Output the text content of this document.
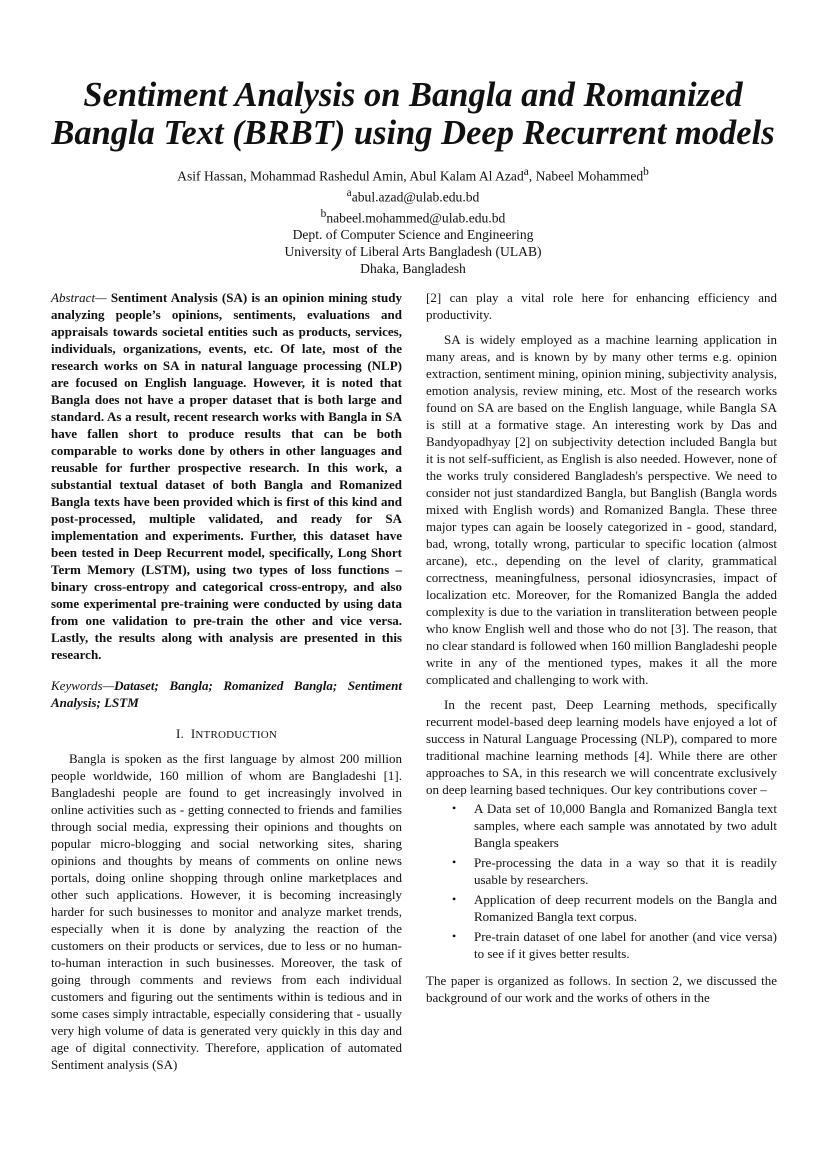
Sentiment Analysis on Bangla and Romanized
Bangla Text (BRBT) using Deep Recurrent models
Asif Hassan, Mohammad Rashedul Amin, Abul Kalam Al Azad$^a$, Nabeel Mohammed$^b$
$^a$abul.azad@ulab.edu.bd
$^b$nabeel.mohammed@ulab.edu.bd
Dept. of Computer Science and Engineering
University of Liberal Arts Bangladesh (ULAB)
Dhaka, Bangladesh

Abstract— Sentiment Analysis (SA) is an opinion mining study analyzing people’s opinions, sentiments, evaluations and appraisals towards societal entities such as products, services, individuals, organizations, events, etc. Of late, most of the research works on SA in natural language processing (NLP) are focused on English language. However, it is noted that Bangla does not have a proper dataset that is both large and standard. As a result, recent research works with Bangla in SA have fallen short to produce results that can be both comparable to works done by others in other languages and reusable for further prospective research. In this work, a substantial textual dataset of both Bangla and Romanized Bangla texts have been provided which is first of this kind and post-processed, multiple validated, and ready for SA implementation and experiments. Further, this dataset have been tested in Deep Recurrent model, specifically, Long Short Term Memory (LSTM), using two types of loss functions – binary cross-entropy and categorical cross-entropy, and also some experimental pre-training were conducted by using data from one validation to pre-train the other and vice versa. Lastly, the results along with analysis are presented in this research.

Keywords—Dataset; Bangla; Romanized Bangla; Sentiment Analysis; LSTM

I. INTRODUCTION

Bangla is spoken as the first language by almost 200 million people worldwide, 160 million of whom are Bangladeshi [1]. Bangladeshi people are found to get increasingly involved in online activities such as - getting connected to friends and families through social media, expressing their opinions and thoughts on popular micro-blogging and social networking sites, sharing opinions and thoughts by means of comments on online news portals, doing online shopping through online marketplaces and other such applications. However, it is becoming increasingly harder for such businesses to monitor and analyze market trends, especially when it is done by analyzing the reaction of the customers on their products or services, due to less or no human-to-human interaction in such businesses. Moreover, the task of going through comments and reviews from each individual customers and figuring out the sentiments within is tedious and in some cases simply intractable, especially considering that - usually very high volume of data is generated very quickly in this day and age of digital connectivity. Therefore, application of automated Sentiment analysis (SA)

[2] can play a vital role here for enhancing efficiency and productivity.

SA is widely employed as a machine learning application in many areas, and is known by by many other terms e.g. opinion extraction, sentiment mining, opinion mining, subjectivity analysis, emotion analysis, review mining, etc. Most of the research works found on SA are based on the English language, while Bangla SA is still at a formative stage. An interesting work by Das and Bandyopadhyay [2] on subjectivity detection included Bangla but it is not self-sufficient, as English is also needed. However, none of the works truly considered Bangladesh's perspective. We need to consider not just standardized Bangla, but Banglish (Bangla words mixed with English words) and Romanized Bangla. These three major types can again be loosely categorized in - good, standard, bad, wrong, totally wrong, particular to specific location (almost arcane), etc., depending on the level of clarity, grammatical correctness, meaningfulness, personal idiosyncrasies, impact of localization etc. Moreover, for the Romanized Bangla the added complexity is due to the variation in transliteration between people who know English well and those who do not [3]. The reason, that no clear standard is followed when 160 million Bangladeshi people write in any of the mentioned types, makes it all the more complicated and challenging to work with.

In the recent past, Deep Learning methods, specifically recurrent model-based deep learning models have enjoyed a lot of success in Natural Language Processing (NLP), compared to more traditional machine learning methods [4]. While there are other approaches to SA, in this research we will concentrate exclusively on deep learning based techniques. Our key contributions cover –

• A Data set of 10,000 Bangla and Romanized Bangla text samples, where each sample was annotated by two adult Bangla speakers
• Pre-processing the data in a way so that it is readily usable by researchers.
• Application of deep recurrent models on the Bangla and Romanized Bangla text corpus.
• Pre-train dataset of one label for another (and vice versa) to see if it gives better results.

The paper is organized as follows. In section 2, we discussed the background of our work and the works of others in the
